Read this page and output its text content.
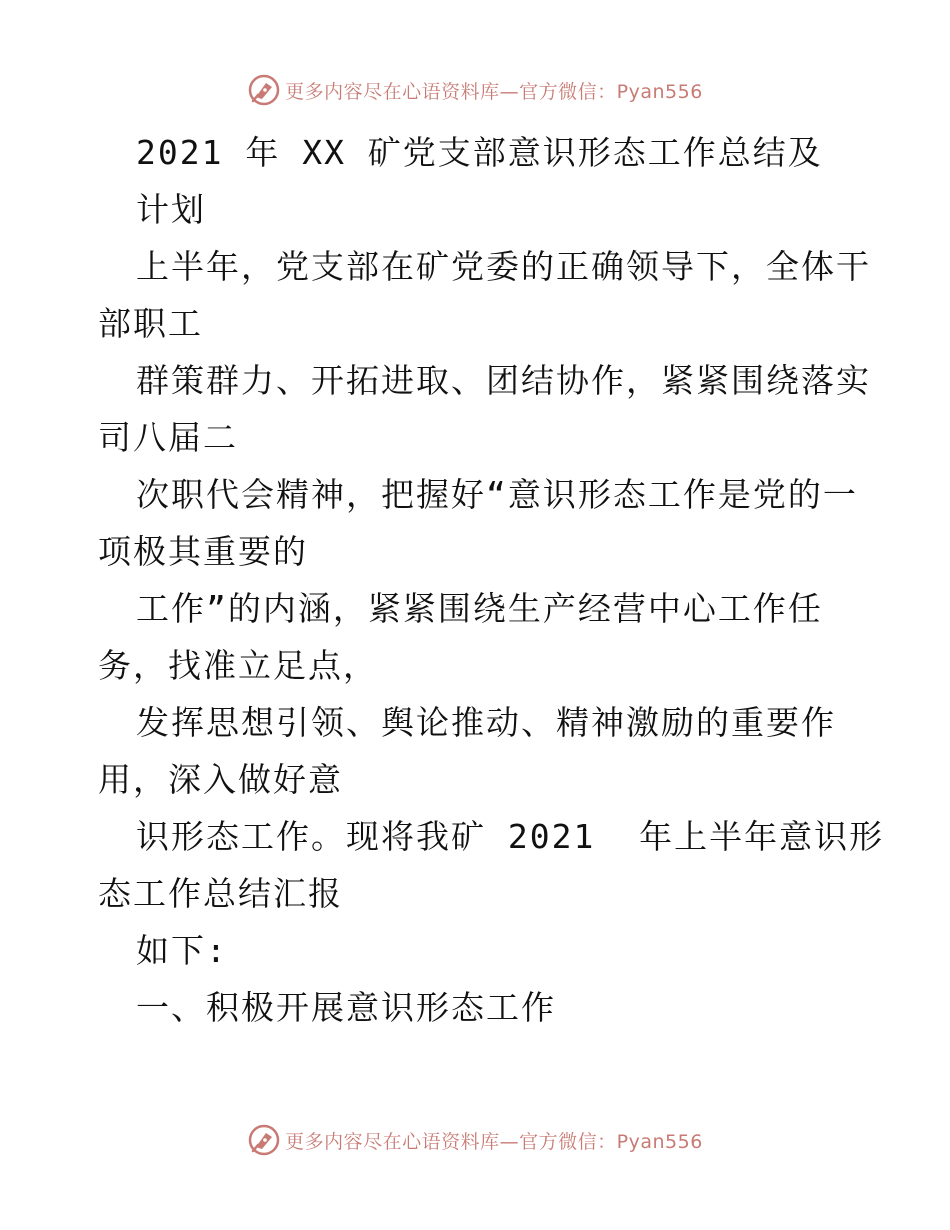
更多内容尽在心语资料库—官方微信：Pyan556
2021 年 XX 矿党支部意识形态工作总结及
计划
上半年，党支部在矿党委的正确领导下，全体干
部职工
群策群力、开拓进取、团结协作，紧紧围绕落实
司八届二
次职代会精神，把握好“意识形态工作是党的一
项极其重要的
工作”的内涵，紧紧围绕生产经营中心工作任
务，找准立足点，
发挥思想引领、舆论推动、精神激励的重要作
用，深入做好意
识形态工作。现将我矿 2021  年上半年意识形
态工作总结汇报
如下:
一、积极开展意识形态工作
更多内容尽在心语资料库—官方微信：Pyan556
